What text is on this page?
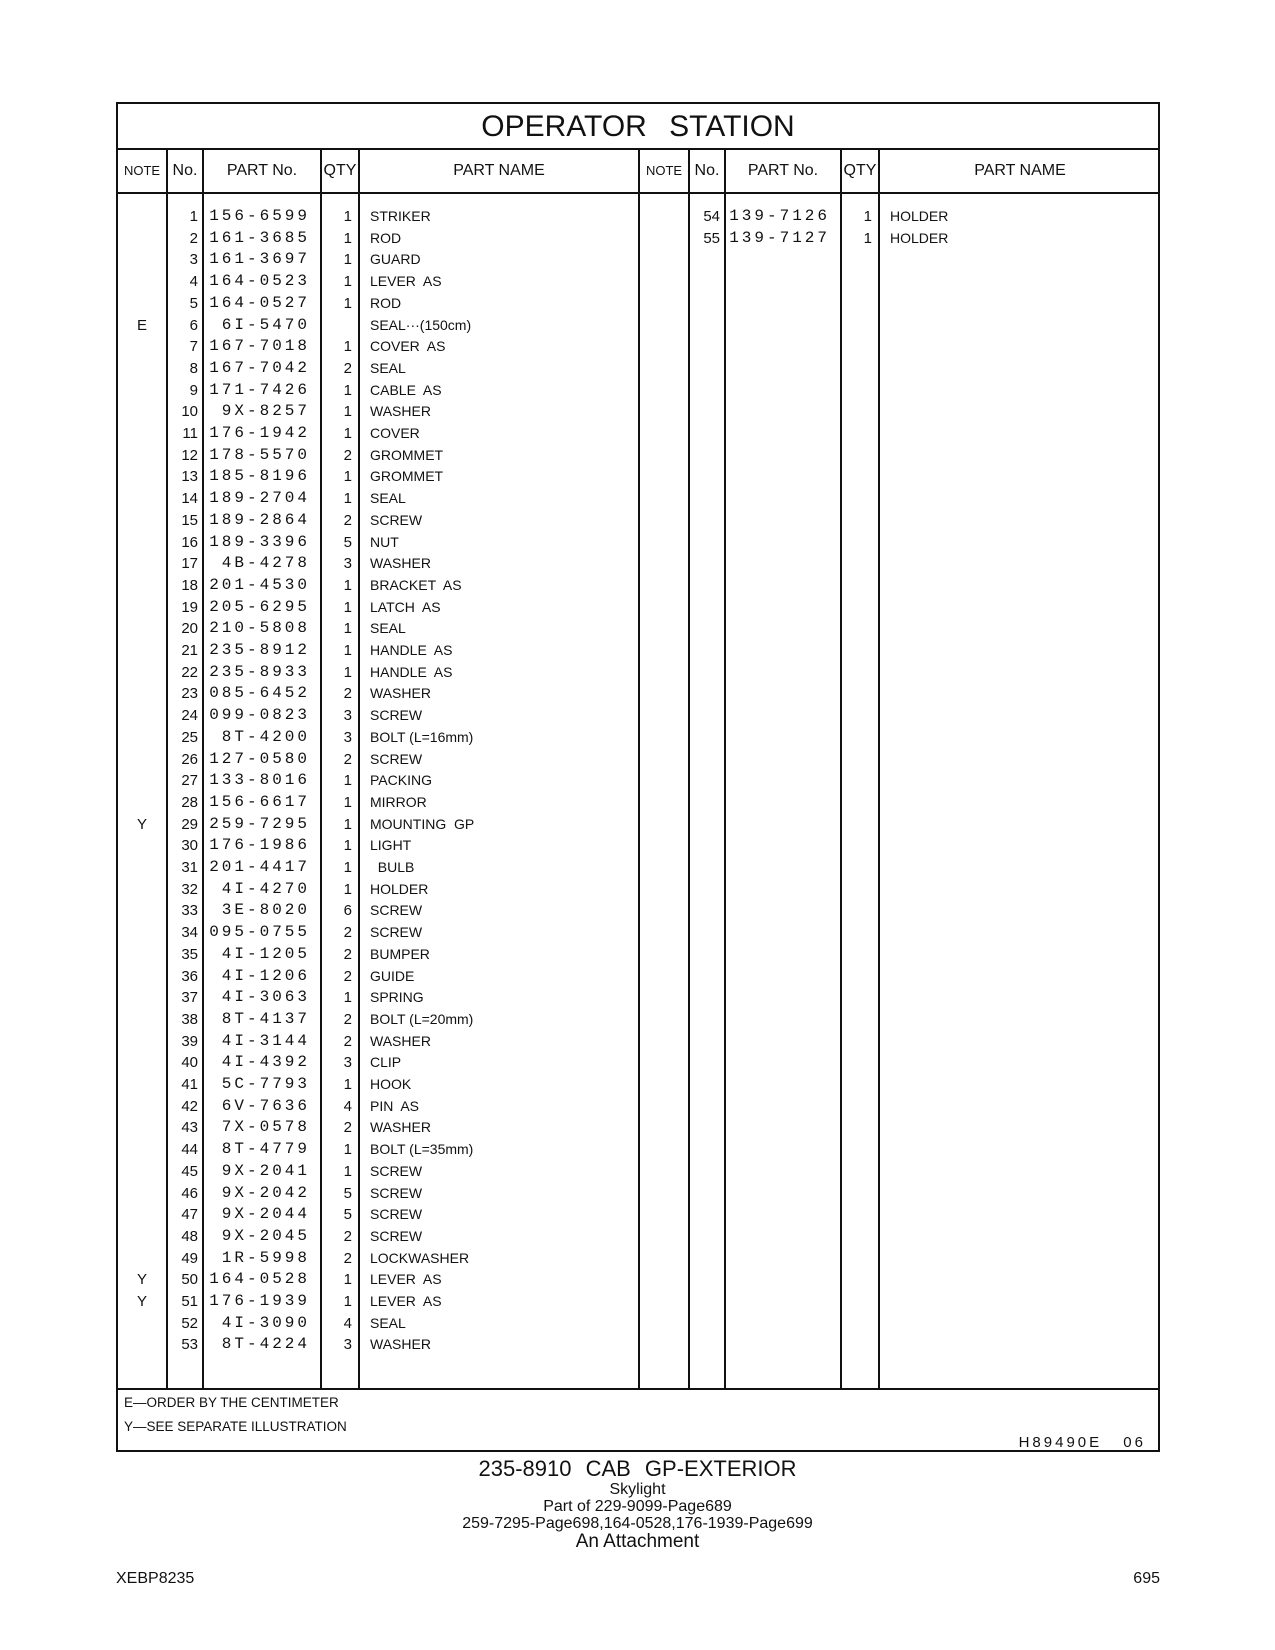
OPERATOR STATION
NOTE No.	PART No.	QTY	PART NAME	NOTE No.	PART No.	QTY	PART NAME
1 156-6599	1 STRIKER
2 161-3685	1 ROD
3 161-3697	1 GUARD
4 164-0523	1 LEVER  AS
5 164-0527	1 ROD
E	6	6I-5470	SEAL···(150cm)
7 167-7018	1 COVER  AS
8 167-7042	2 SEAL
9 171-7426	1 CABLE  AS
10	9X-8257	1 WASHER
11 176-1942	1 COVER
12 178-5570	2 GROMMET
13 185-8196	1 GROMMET
14 189-2704	1 SEAL
15 189-2864	2 SCREW
16 189-3396	5 NUT
17	4B-4278	3 WASHER
18 201-4530	1 BRACKET  AS
19 205-6295	1 LATCH  AS
20 210-5808	1 SEAL
21 235-8912	1 HANDLE  AS
22 235-8933	1 HANDLE  AS
23 085-6452	2 WASHER
24 099-0823	3 SCREW
25	8T-4200	3 BOLT (L=16mm)
26 127-0580	2 SCREW
27 133-8016	1 PACKING
28 156-6617	1 MIRROR
Y	29 259-7295	1 MOUNTING  GP
30 176-1986	1 LIGHT
31 201-4417	1 BULB
32	4I-4270	1 HOLDER
33	3E-8020	6 SCREW
34 095-0755	2 SCREW
35	4I-1205	2 BUMPER
36	4I-1206	2 GUIDE
37	4I-3063	1 SPRING
38	8T-4137	2 BOLT (L=20mm)
39	4I-3144	2 WASHER
40	4I-4392	3 CLIP
41	5C-7793	1 HOOK
42	6V-7636	4 PIN  AS
43	7X-0578	2 WASHER
44	8T-4779	1 BOLT (L=35mm)
45	9X-2041	1 SCREW
46	9X-2042	5 SCREW
47	9X-2044	5 SCREW
48	9X-2045	2 SCREW
49	1R-5998	2 LOCKWASHER
Y	50 164-0528	1 LEVER  AS
Y	51 176-1939	1 LEVER  AS
52	4I-3090	4 SEAL
53	8T-4224	3 WASHER
54 139-7126	1 HOLDER
55 139-7127	1 HOLDER
E—ORDER BY THE CENTIMETER
Y—SEE SEPARATE ILLUSTRATION
H89490E 06
235-8910 CAB GP-EXTERIOR
Skylight
Part of 229-9099-Page689
259-7295-Page698,164-0528,176-1939-Page699
An Attachment
XEBP8235	695
